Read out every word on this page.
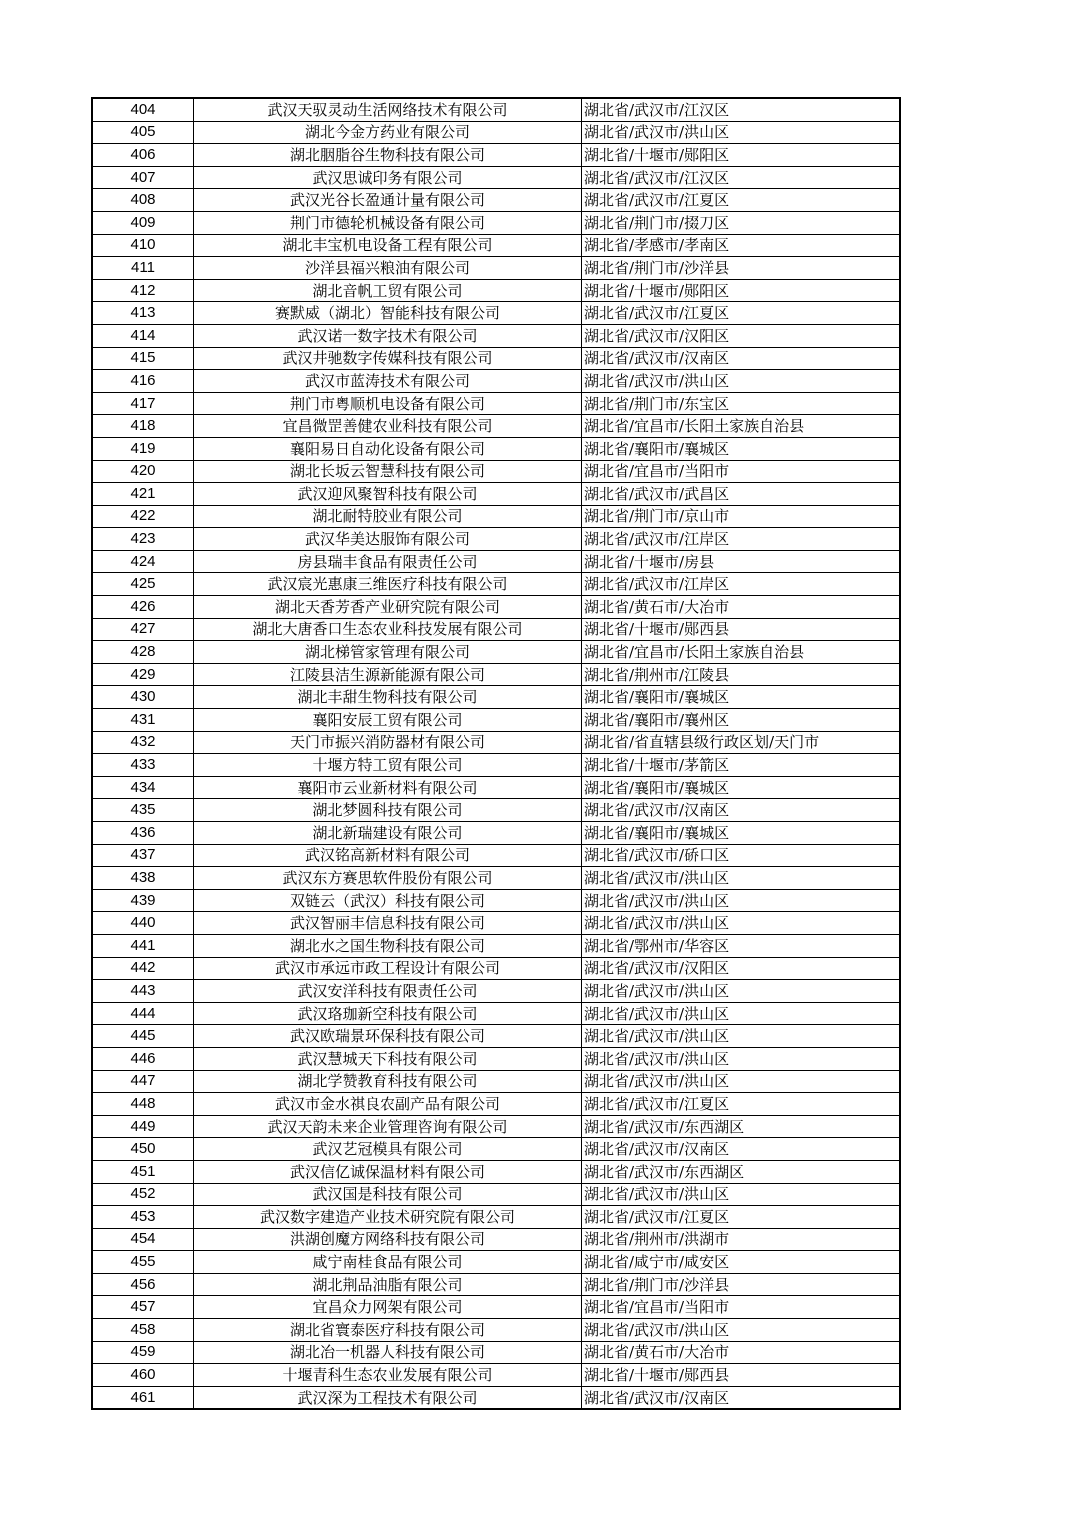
404	武汉天驭灵动生活网络技术有限公司	湖北省/武汉市/江汉区
405	湖北今金方药业有限公司	湖北省/武汉市/洪山区
406	湖北胭脂谷生物科技有限公司	湖北省/十堰市/郧阳区
407	武汉思诚印务有限公司	湖北省/武汉市/江汉区
408	武汉光谷长盈通计量有限公司	湖北省/武汉市/江夏区
409	荆门市德轮机械设备有限公司	湖北省/荆门市/掇刀区
410	湖北丰宝机电设备工程有限公司	湖北省/孝感市/孝南区
411	沙洋县福兴粮油有限公司	湖北省/荆门市/沙洋县
412	湖北音帆工贸有限公司	湖北省/十堰市/郧阳区
413	赛默威（湖北）智能科技有限公司	湖北省/武汉市/江夏区
414	武汉诺一数字技术有限公司	湖北省/武汉市/汉阳区
415	武汉井驰数字传媒科技有限公司	湖北省/武汉市/汉南区
416	武汉市蓝涛技术有限公司	湖北省/武汉市/洪山区
417	荆门市粤顺机电设备有限公司	湖北省/荆门市/东宝区
418	宜昌微罡善健农业科技有限公司	湖北省/宜昌市/长阳土家族自治县
419	襄阳易日自动化设备有限公司	湖北省/襄阳市/襄城区
420	湖北长坂云智慧科技有限公司	湖北省/宜昌市/当阳市
421	武汉迎风聚智科技有限公司	湖北省/武汉市/武昌区
422	湖北耐特胶业有限公司	湖北省/荆门市/京山市
423	武汉华美达服饰有限公司	湖北省/武汉市/江岸区
424	房县瑞丰食品有限责任公司	湖北省/十堰市/房县
425	武汉宸光惠康三维医疗科技有限公司	湖北省/武汉市/江岸区
426	湖北天香芳香产业研究院有限公司	湖北省/黄石市/大冶市
427	湖北大唐香口生态农业科技发展有限公司	湖北省/十堰市/郧西县
428	湖北梯管家管理有限公司	湖北省/宜昌市/长阳土家族自治县
429	江陵县洁生源新能源有限公司	湖北省/荆州市/江陵县
430	湖北丰甜生物科技有限公司	湖北省/襄阳市/襄城区
431	襄阳安辰工贸有限公司	湖北省/襄阳市/襄州区
432	天门市振兴消防器材有限公司	湖北省/省直辖县级行政区划/天门市
433	十堰方特工贸有限公司	湖北省/十堰市/茅箭区
434	襄阳市云业新材料有限公司	湖北省/襄阳市/襄城区
435	湖北梦圆科技有限公司	湖北省/武汉市/汉南区
436	湖北新瑞建设有限公司	湖北省/襄阳市/襄城区
437	武汉铭高新材料有限公司	湖北省/武汉市/硚口区
438	武汉东方赛思软件股份有限公司	湖北省/武汉市/洪山区
439	双链云（武汉）科技有限公司	湖北省/武汉市/洪山区
440	武汉智丽丰信息科技有限公司	湖北省/武汉市/洪山区
441	湖北水之国生物科技有限公司	湖北省/鄂州市/华容区
442	武汉市承远市政工程设计有限公司	湖北省/武汉市/汉阳区
443	武汉安洋科技有限责任公司	湖北省/武汉市/洪山区
444	武汉珞珈新空科技有限公司	湖北省/武汉市/洪山区
445	武汉欧瑞景环保科技有限公司	湖北省/武汉市/洪山区
446	武汉慧城天下科技有限公司	湖北省/武汉市/洪山区
447	湖北学赞教育科技有限公司	湖北省/武汉市/洪山区
448	武汉市金水祺良农副产品有限公司	湖北省/武汉市/江夏区
449	武汉天韵未来企业管理咨询有限公司	湖北省/武汉市/东西湖区
450	武汉艺冠模具有限公司	湖北省/武汉市/汉南区
451	武汉信亿诚保温材料有限公司	湖北省/武汉市/东西湖区
452	武汉国是科技有限公司	湖北省/武汉市/洪山区
453	武汉数字建造产业技术研究院有限公司	湖北省/武汉市/江夏区
454	洪湖创魔方网络科技有限公司	湖北省/荆州市/洪湖市
455	咸宁南桂食品有限公司	湖北省/咸宁市/咸安区
456	湖北荆品油脂有限公司	湖北省/荆门市/沙洋县
457	宜昌众力网架有限公司	湖北省/宜昌市/当阳市
458	湖北省寰泰医疗科技有限公司	湖北省/武汉市/洪山区
459	湖北冶一机器人科技有限公司	湖北省/黄石市/大冶市
460	十堰青科生态农业发展有限公司	湖北省/十堰市/郧西县
461	武汉深为工程技术有限公司	湖北省/武汉市/汉南区
